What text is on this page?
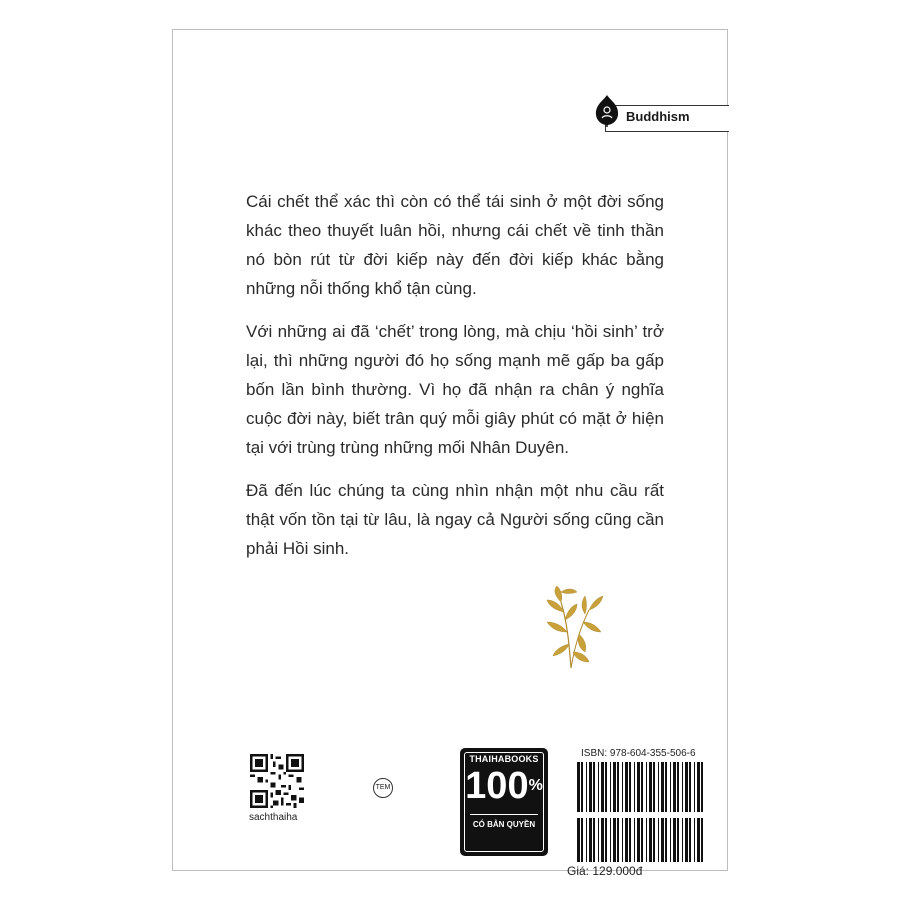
Buddhism

Cái chết thể xác thì còn có thể tái sinh ở một đời sống khác theo thuyết luân hồi, nhưng cái chết về tinh thần nó bòn rút từ đời kiếp này đến đời kiếp khác bằng những nỗi thống khổ tận cùng.

Với những ai đã ‘chết’ trong lòng, mà chịu ‘hồi sinh’ trở lại, thì những người đó họ sống mạnh mẽ gấp ba gấp bốn lần bình thường. Vì họ đã nhận ra chân ý nghĩa cuộc đời này, biết trân quý mỗi giây phút có mặt ở hiện tại với trùng trùng những mối Nhân Duyên.

Đã đến lúc chúng ta cùng nhìn nhận một nhu cầu rất thật vốn tồn tại từ lâu, là ngay cả Người sống cũng cần phải Hồi sinh.

sachthaiha
TEM
THAIHABOOKS
100%
CÓ BẢN QUYỀN
ISBN: 978-604-355-506-6
Giá: 129.000đ
